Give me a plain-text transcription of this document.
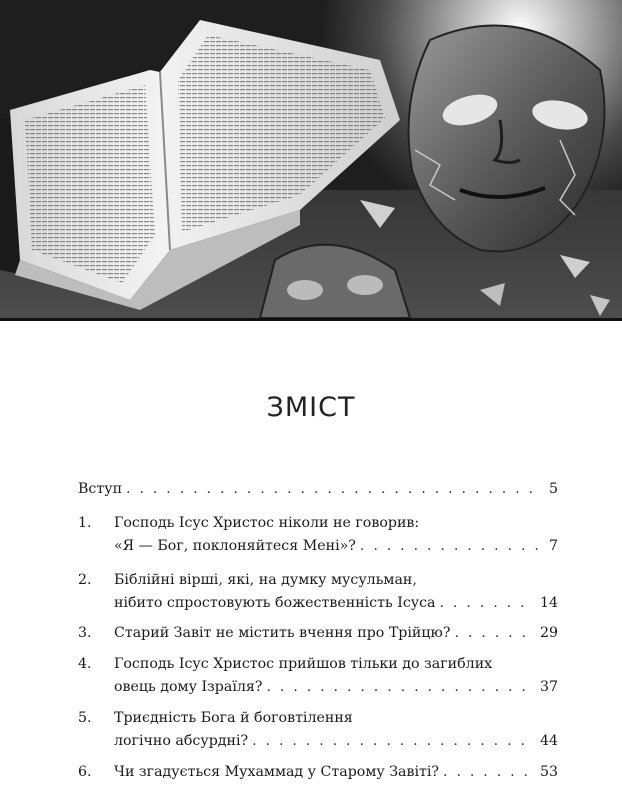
ЗМІСТ
Вступ . . .	5
1.	Господь Ісус Христос ніколи не говорив:
«Я — Бог, поклоняйтеся Мені»? . . .	7
2.	Біблійні вірші, які, на думку мусульман,
нібито спростовують божественність Ісуса . . .	14
3.	Старий Завіт не містить вчення про Трійцю? . . .	29
4.	Господь Ісус Христос прийшов тільки до загиблих
овець дому Ізраїля? . . .	37
5.	Триєдність Бога й боговтілення
логічно абсурдні? . . .	44
6.	Чи згадується Мухаммад у Старому Завіті? . . .	53
